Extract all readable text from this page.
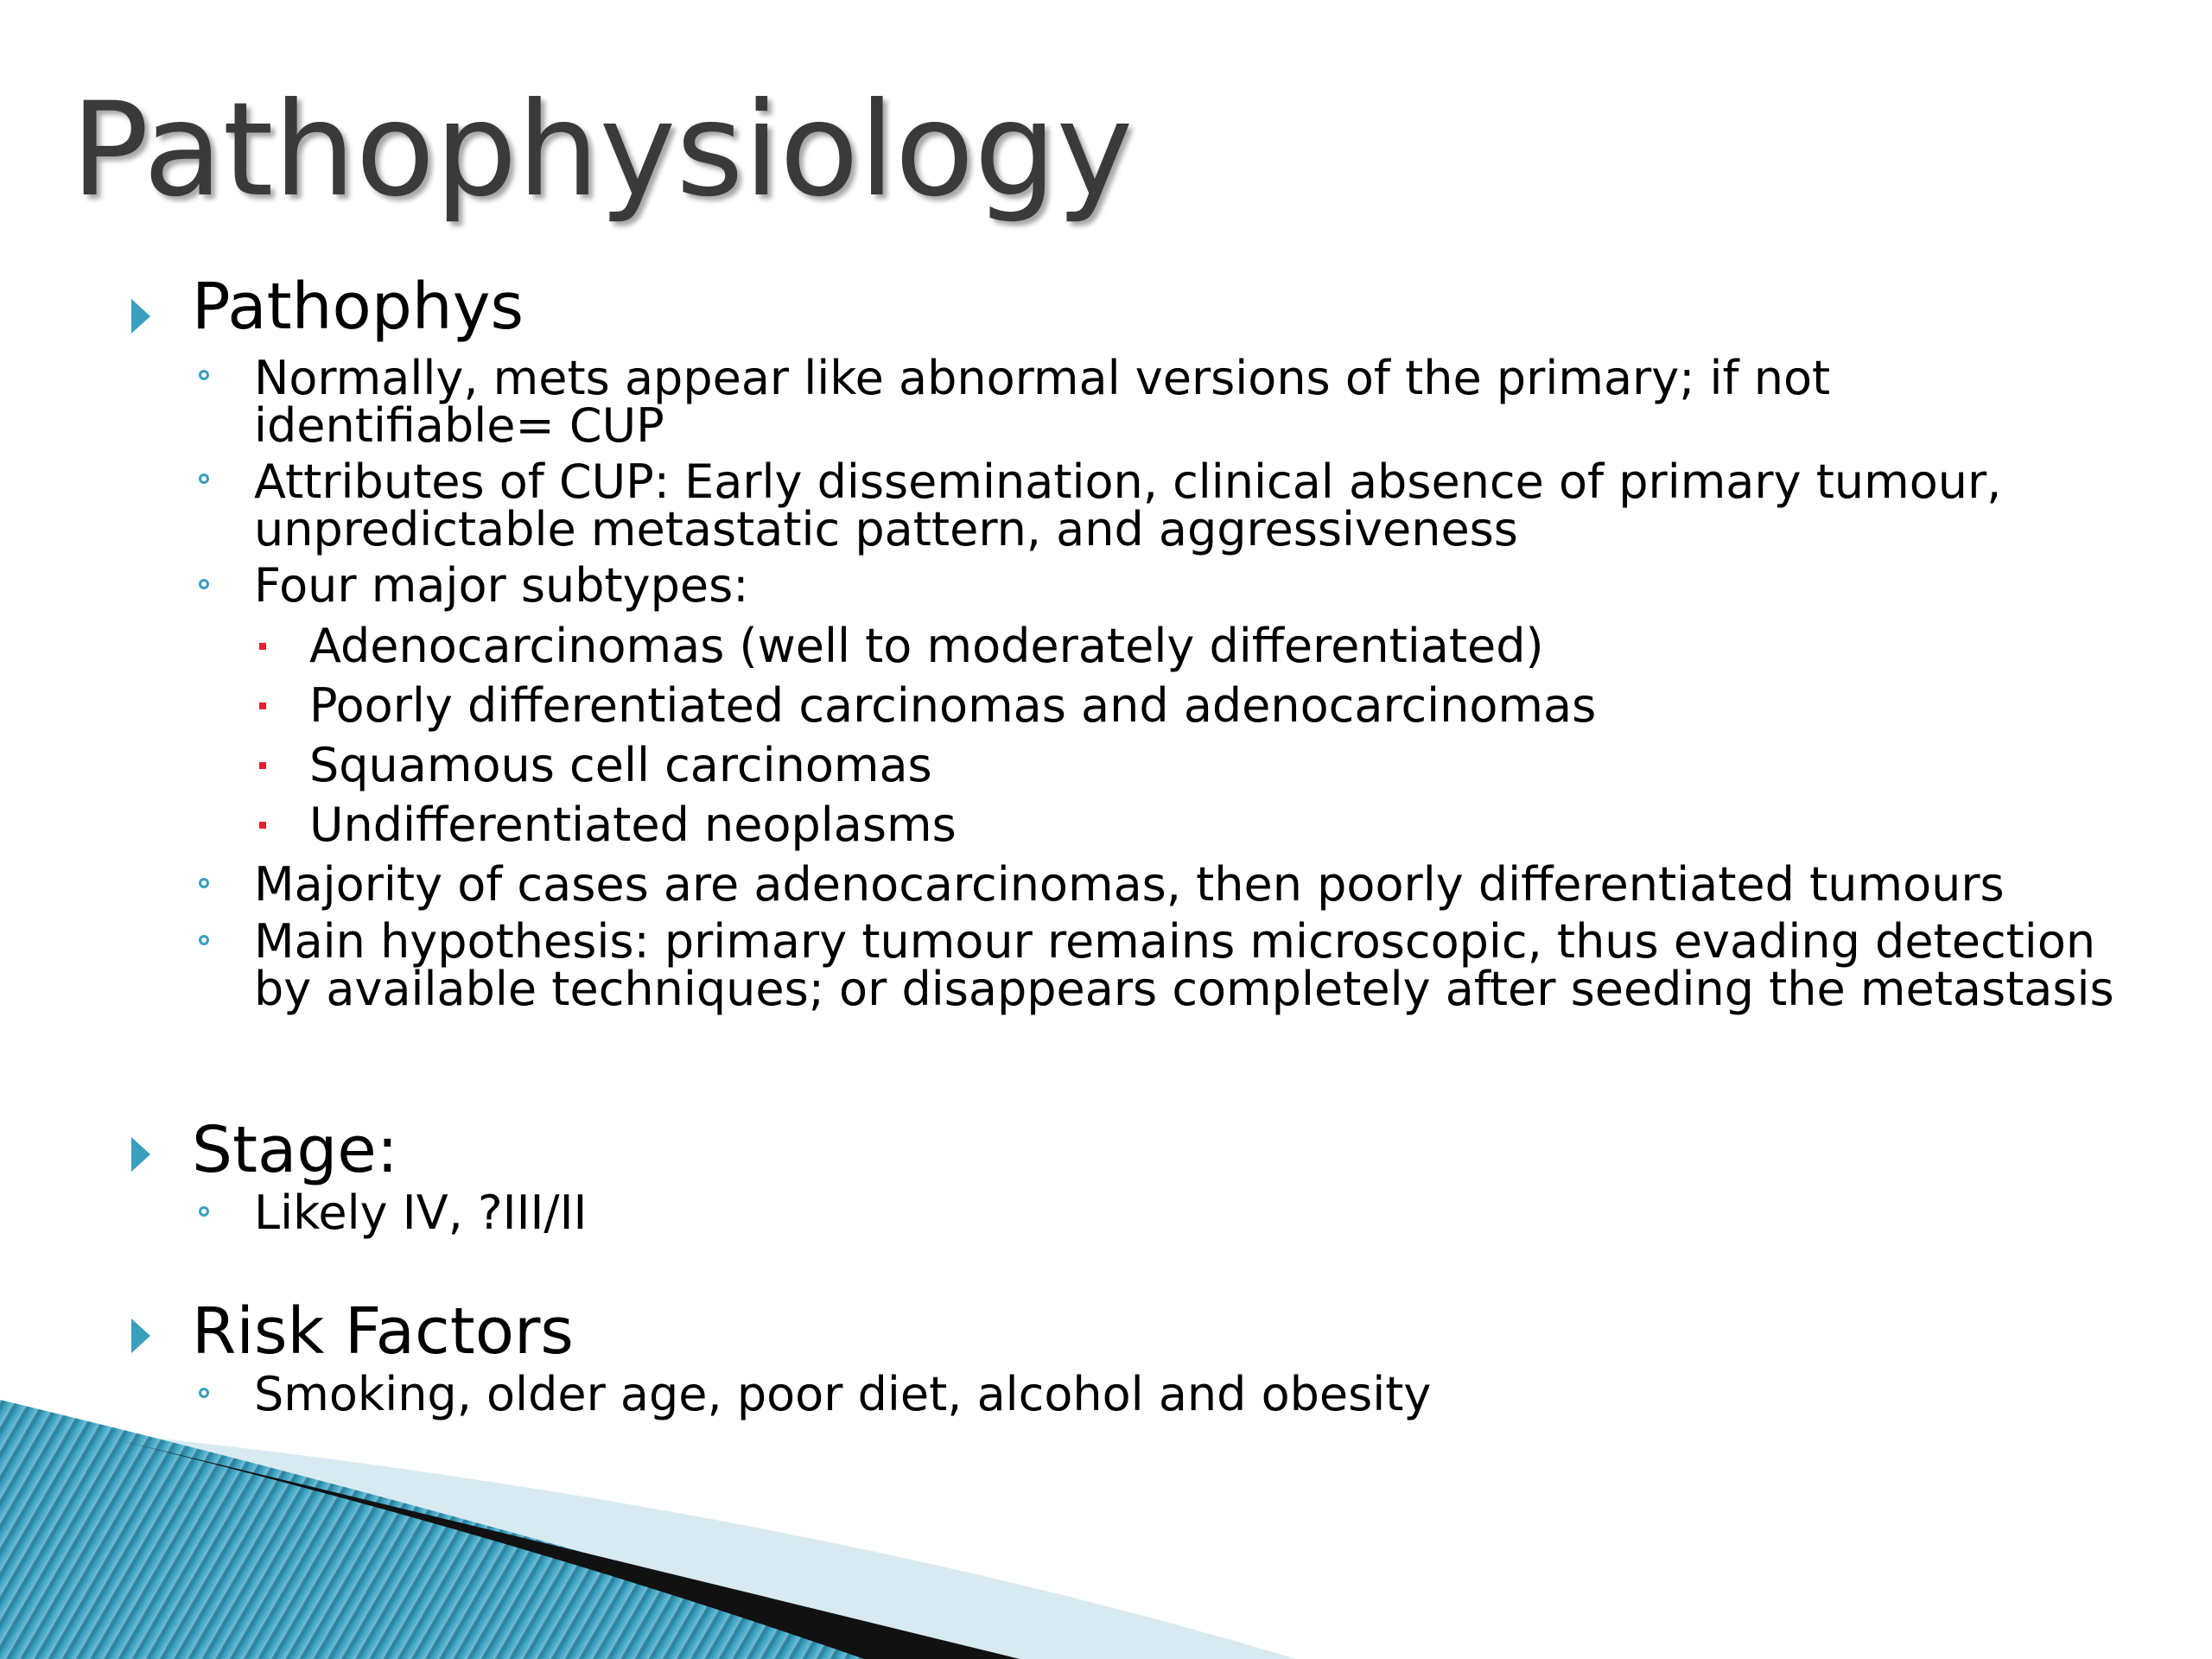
Pathophysiology
Pathophys
Normally, mets appear like abnormal versions of the primary; if not identifiable= CUP
Attributes of CUP: Early dissemination, clinical absence of primary tumour, unpredictable metastatic pattern, and aggressiveness
Four major subtypes:
Adenocarcinomas (well to moderately differentiated)
Poorly differentiated carcinomas and adenocarcinomas
Squamous cell carcinomas
Undifferentiated neoplasms
Majority of cases are adenocarcinomas, then poorly differentiated tumours
Main hypothesis: primary tumour remains microscopic, thus evading detection by available techniques; or disappears completely after seeding the metastasis
Stage:
Likely IV, ?III/II
Risk Factors
Smoking, older age, poor diet, alcohol and obesity
